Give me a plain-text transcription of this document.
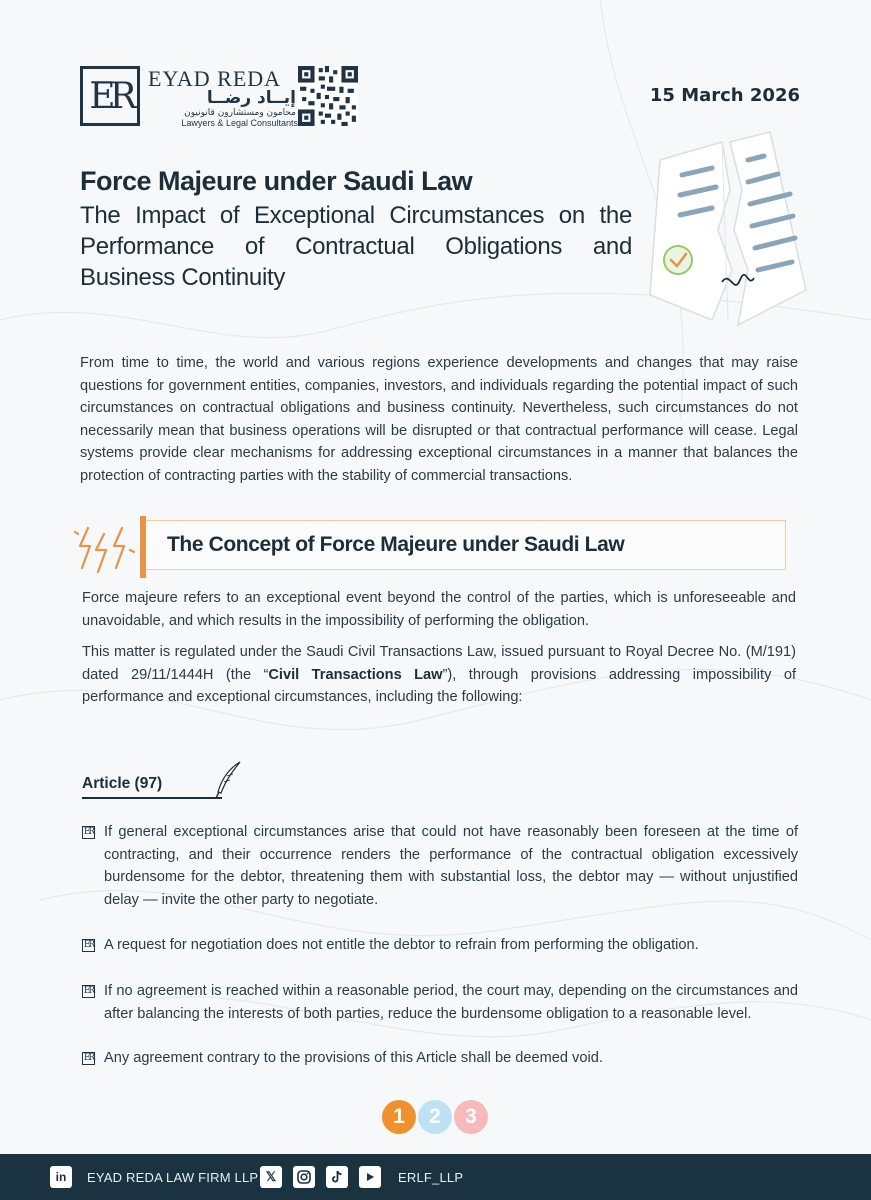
ER EYAD REDA
إيــاد رضــا
محامون ومستشارون قانونيون
Lawyers & Legal Consultants
15 March 2026
Force Majeure under Saudi Law
The Impact of Exceptional Circumstances on the Performance of Contractual Obligations and Business Continuity

From time to time, the world and various regions experience developments and changes that may raise questions for government entities, companies, investors, and individuals regarding the potential impact of such circumstances on contractual obligations and business continuity. Nevertheless, such circumstances do not necessarily mean that business operations will be disrupted or that contractual performance will cease. Legal systems provide clear mechanisms for addressing exceptional circumstances in a manner that balances the protection of contracting parties with the stability of commercial transactions.

The Concept of Force Majeure under Saudi Law

Force majeure refers to an exceptional event beyond the control of the parties, which is unforeseeable and unavoidable, and which results in the impossibility of performing the obligation.

This matter is regulated under the Saudi Civil Transactions Law, issued pursuant to Royal Decree No. (M/191) dated 29/11/1444H (the “Civil Transactions Law”), through provisions addressing impossibility of performance and exceptional circumstances, including the following:

Article (97)
ER If general exceptional circumstances arise that could not have reasonably been foreseen at the time of contracting, and their occurrence renders the performance of the contractual obligation excessively burdensome for the debtor, threatening them with substantial loss, the debtor may — without unjustified delay — invite the other party to negotiate.
ER A request for negotiation does not entitle the debtor to refrain from performing the obligation.
ER If no agreement is reached within a reasonable period, the court may, depending on the circumstances and after balancing the interests of both parties, reduce the burdensome obligation to a reasonable level.
ER Any agreement contrary to the provisions of this Article shall be deemed void.
1	2	3
in	EYAD REDA LAW FIRM LLP 𝕏	ERLF_LLP
